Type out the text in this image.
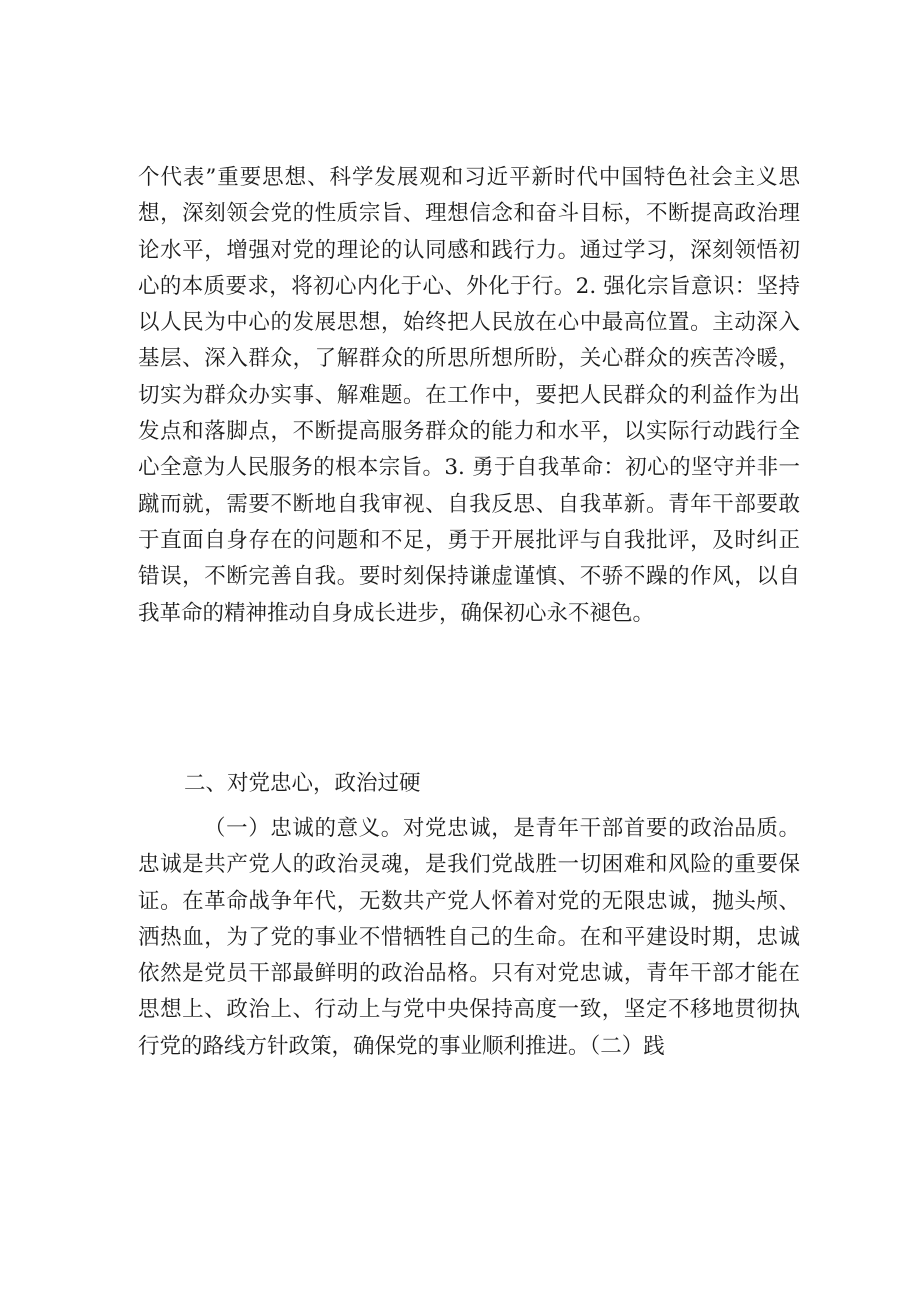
个代表”重要思想、科学发展观和习近平新时代中国特色社会主义思想，深刻领会党的性质宗旨、理想信念和奋斗目标，不断提高政治理论水平，增强对党的理论的认同感和践行力。通过学习，深刻领悟初心的本质要求，将初心内化于心、外化于行。2. 强化宗旨意识：坚持以人民为中心的发展思想，始终把人民放在心中最高位置。主动深入基层、深入群众，了解群众的所思所想所盼，关心群众的疾苦冷暖，切实为群众办实事、解难题。在工作中，要把人民群众的利益作为出发点和落脚点，不断提高服务群众的能力和水平，以实际行动践行全心全意为人民服务的根本宗旨。3. 勇于自我革命：初心的坚守并非一蹴而就，需要不断地自我审视、自我反思、自我革新。青年干部要敢于直面自身存在的问题和不足，勇于开展批评与自我批评，及时纠正错误，不断完善自我。要时刻保持谦虚谨慎、不骄不躁的作风，以自我革命的精神推动自身成长进步，确保初心永不褪色。

二、对党忠心，政治过硬

（一）忠诚的意义。对党忠诚，是青年干部首要的政治品质。忠诚是共产党人的政治灵魂，是我们党战胜一切困难和风险的重要保证。在革命战争年代，无数共产党人怀着对党的无限忠诚，抛头颅、洒热血，为了党的事业不惜牺牲自己的生命。在和平建设时期，忠诚依然是党员干部最鲜明的政治品格。只有对党忠诚，青年干部才能在思想上、政治上、行动上与党中央保持高度一致，坚定不移地贯彻执行党的路线方针政策，确保党的事业顺利推进。（二）践
